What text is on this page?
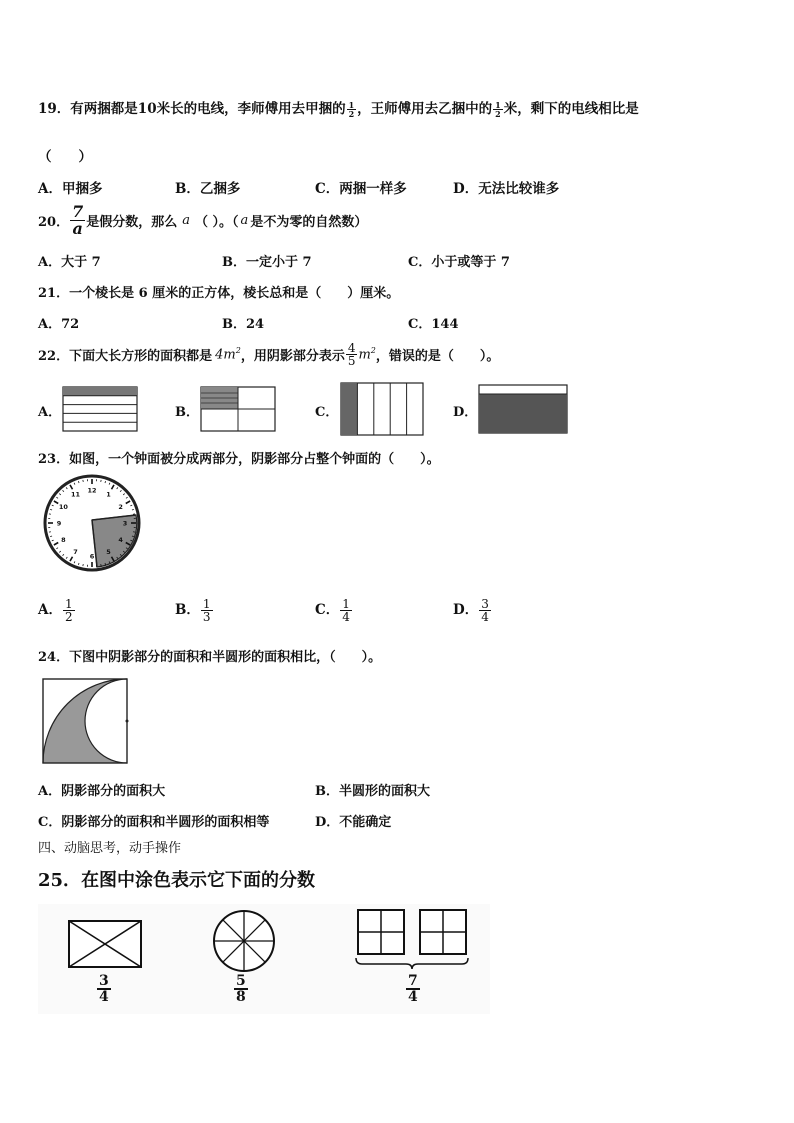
19．有两捆都是10米长的电线，李师傅用去甲捆的 $\frac{1}{2}$ ，王师傅用去乙捆中的 $\frac{1}{2}$ 米，剩下的电线相比是
（　　）
A．甲捆多	B．乙捆多	C．两捆一样多	D．无法比较谁多
20． $\frac{7}{a}$ 是假分数，那么 a （ ）。（ a 是不为零的自然数）
A．大于 7	B．一定小于 7	C．小于或等于 7
21．一个棱长是 6 厘米的正方体，棱长总和是（　　）厘米。
A．72	B．24	C．144
22． 下面大长方形的面积都是 $4m^2$ ，用阴影部分表示 $\frac{4}{5} m^2$ ，错误的是（　　）。
A．	B．	C．	D．
23．如图，一个钟面被分成两部分，阴影部分占整个钟面的（　　）。
12
1
2
3
4
5
6
7
8
9
10
11
A． $\frac{1}{2}$	B． $\frac{1}{3}$	C． $\frac{1}{4}$	D． $\frac{3}{4}$
24．下图中阴影部分的面积和半圆形的面积相比，（　　）。
A．阴影部分的面积大	B．半圆形的面积大
C．阴影部分的面积和半圆形的面积相等	D．不能确定
四、动脑思考，动手操作
25．在图中涂色表示它下面的分数
$\frac{3}{4}$	$\frac{5}{8}$	$\frac{7}{4}$
